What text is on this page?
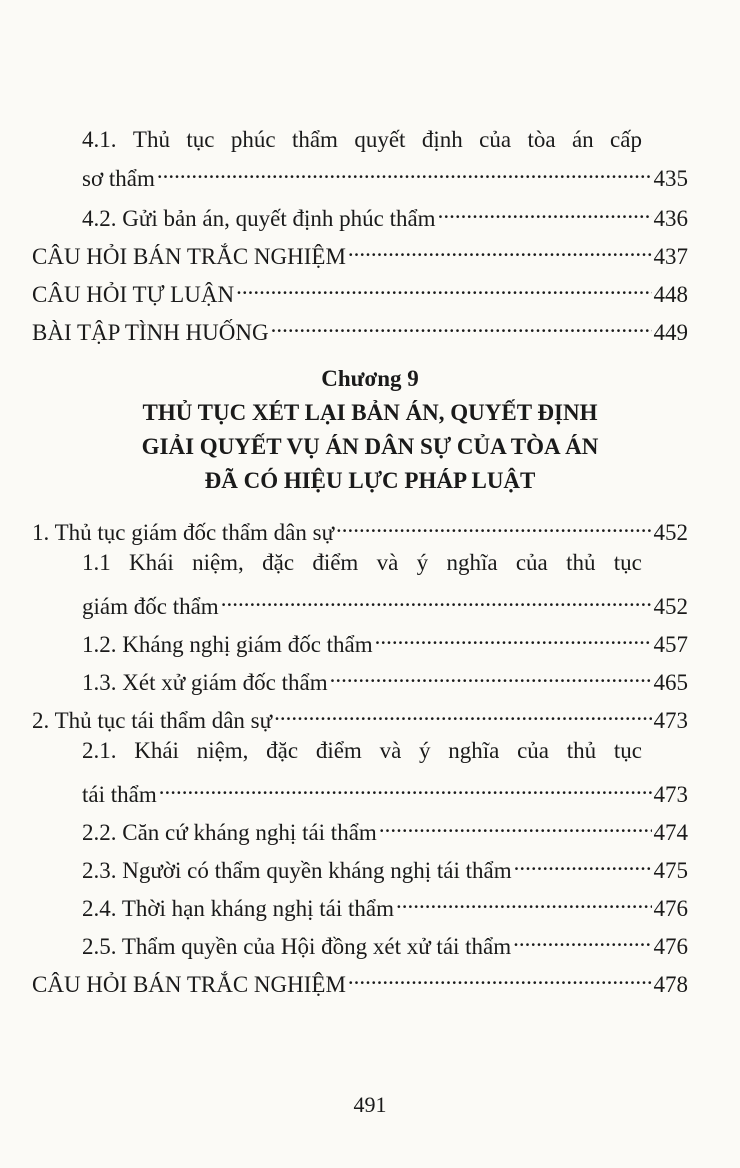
4.1. Thủ tục phúc thẩm quyết định của tòa án cấp
sơ thẩm .....	435
4.2. Gửi bản án, quyết định phúc thẩm .....	436
CÂU HỎI BÁN TRẮC NGHIỆM .....	437
CÂU HỎI TỰ LUẬN .....	448
BÀI TẬP TÌNH HUỐNG .....	449
Chương 9
THỦ TỤC XÉT LẠI BẢN ÁN, QUYẾT ĐỊNH
GIẢI QUYẾT VỤ ÁN DÂN SỰ CỦA TÒA ÁN
ĐÃ CÓ HIỆU LỰC PHÁP LUẬT
1. Thủ tục giám đốc thẩm dân sự .....	452
1.1 Khái niệm, đặc điểm và ý nghĩa của thủ tục
giám đốc thẩm .....	452
1.2. Kháng nghị giám đốc thẩm .....	457
1.3. Xét xử giám đốc thẩm .....	465
2. Thủ tục tái thẩm dân sự .....	473
2.1. Khái niệm, đặc điểm và ý nghĩa của thủ tục
tái thẩm .....	473
2.2. Căn cứ kháng nghị tái thẩm .....	474
2.3. Người có thẩm quyền kháng nghị tái thẩm .....	475
2.4. Thời hạn kháng nghị tái thẩm .....	476
2.5. Thẩm quyền của Hội đồng xét xử tái thẩm .....	476
CÂU HỎI BÁN TRẮC NGHIỆM .....	478
491
